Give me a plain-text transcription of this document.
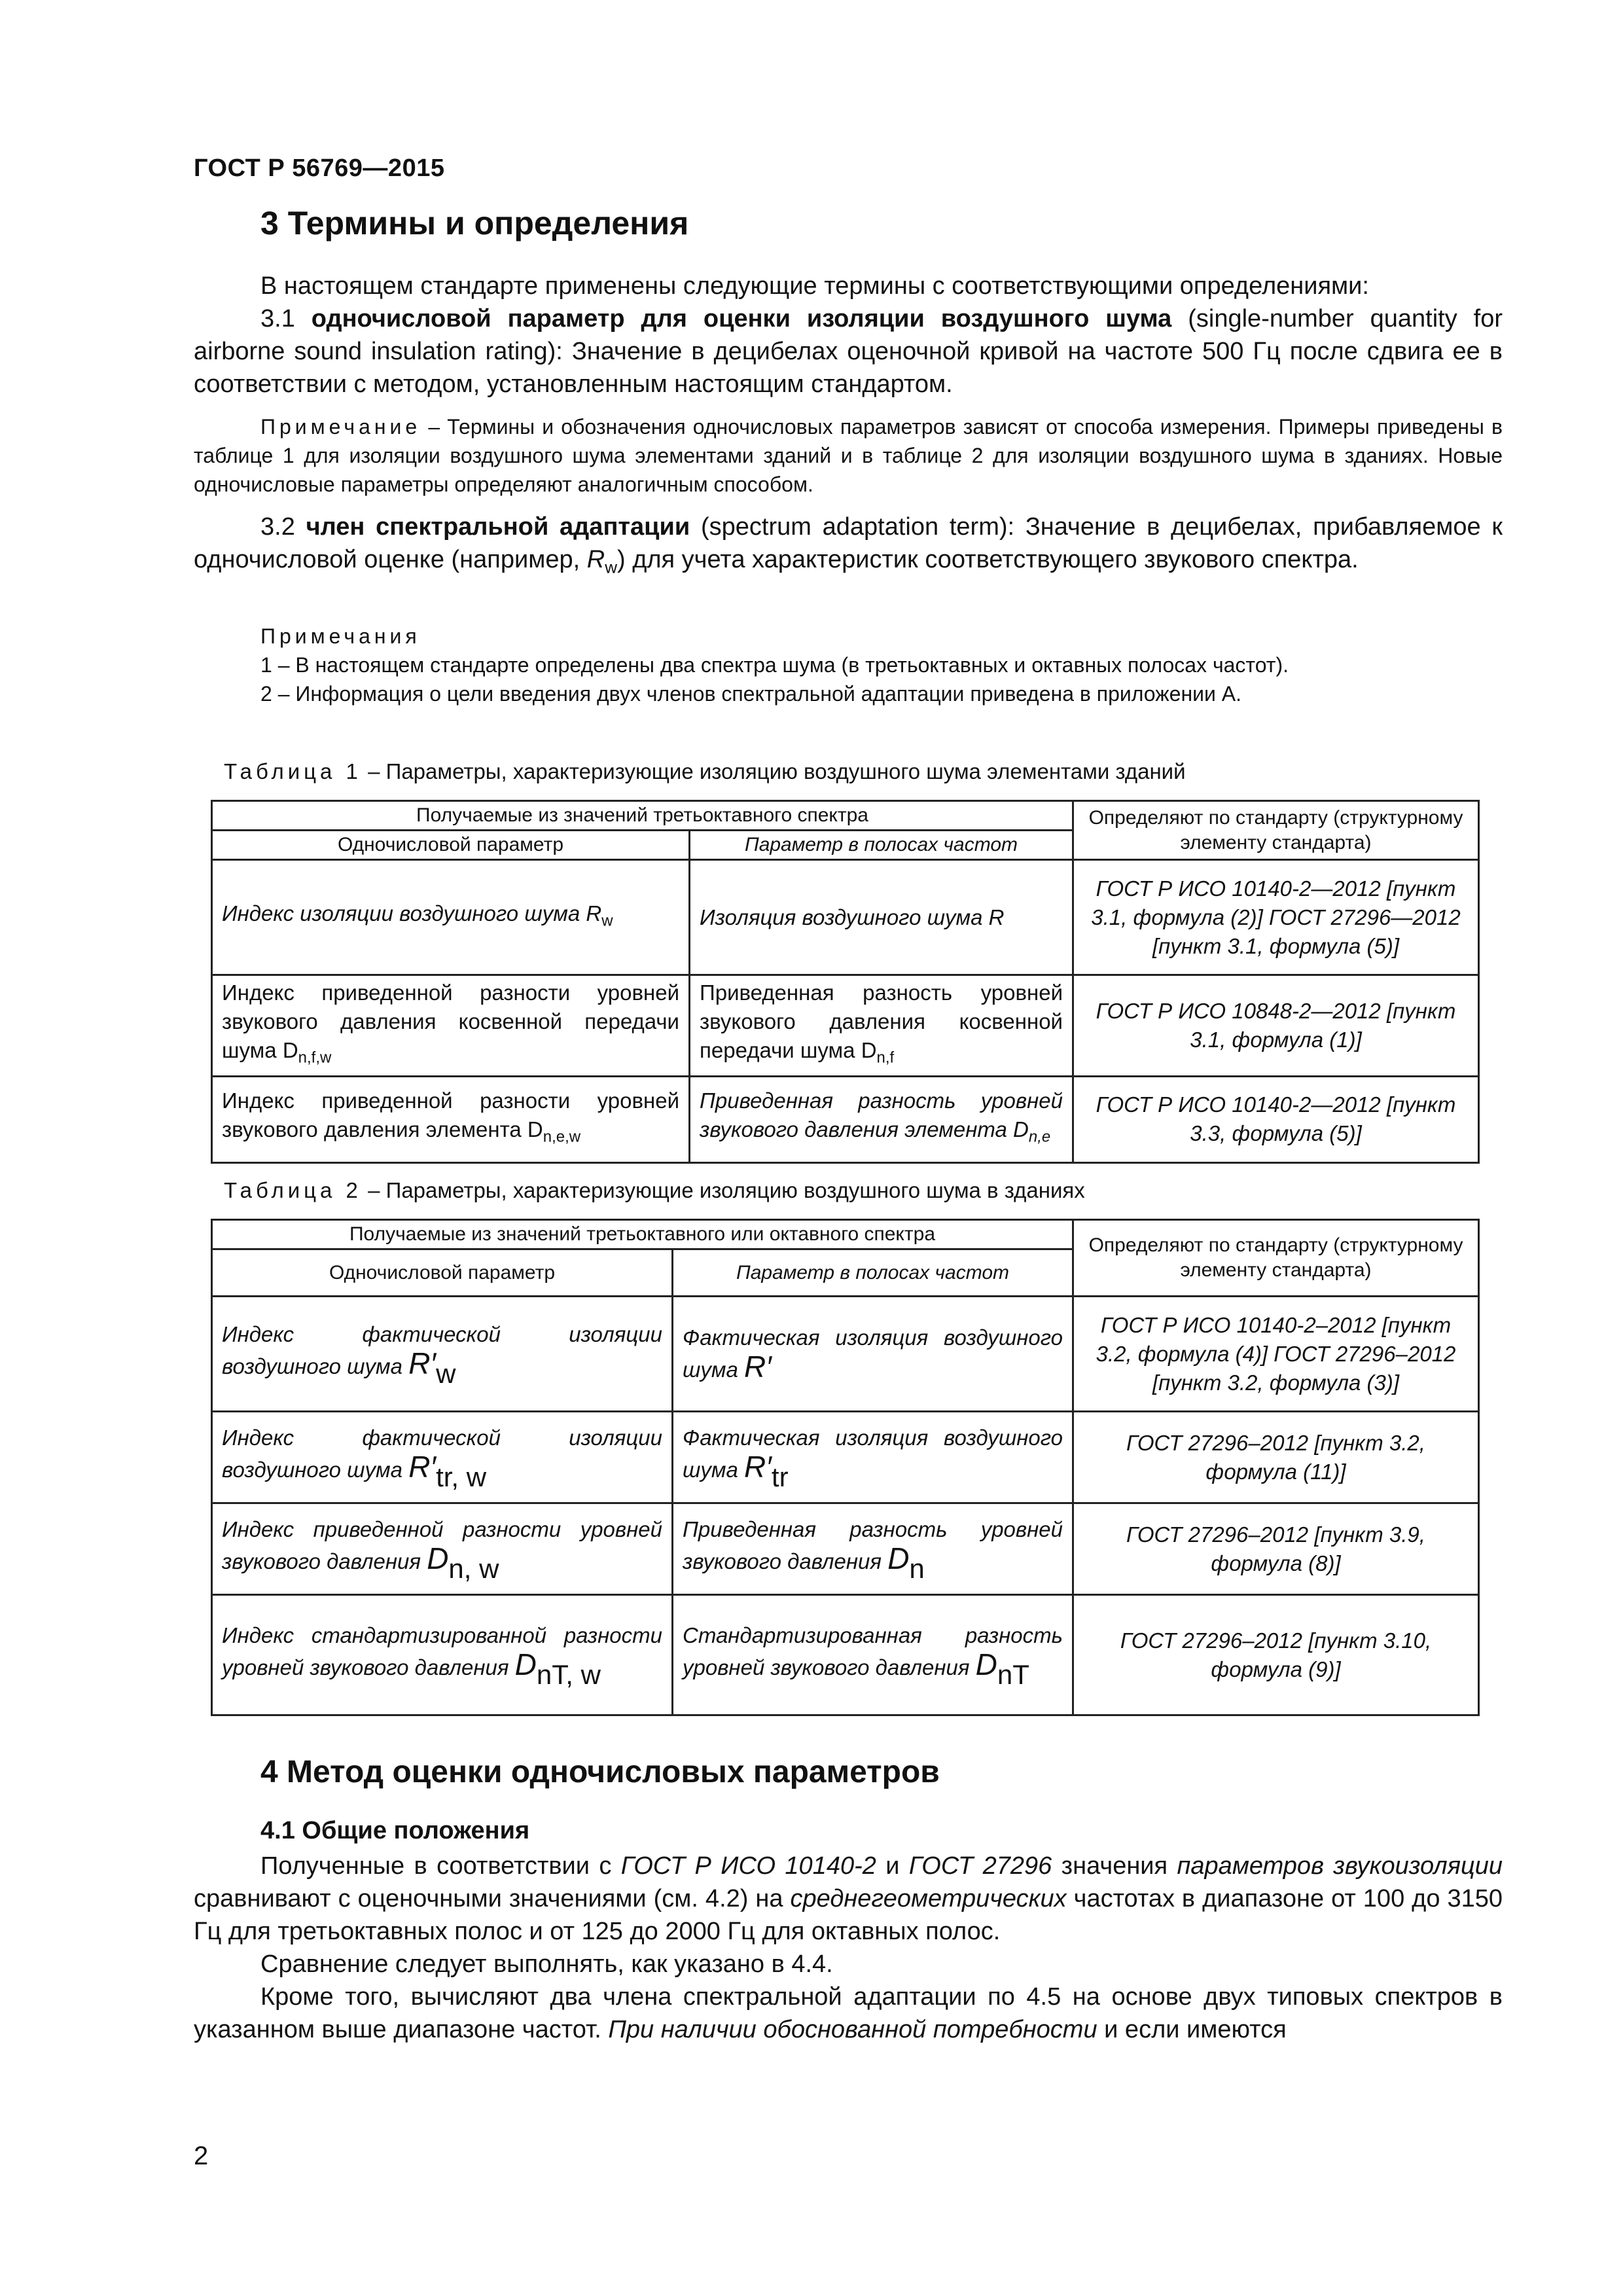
ГОСТ Р 56769—2015
3 Термины и определения
В настоящем стандарте применены следующие термины с соответствующими определениями:
3.1 одночисловой параметр для оценки изоляции воздушного шума (single-number quantity for airborne sound insulation rating): Значение в децибелах оценочной кривой на частоте 500 Гц после сдвига ее в соответствии с методом, установленным настоящим стандартом.
Примечание – Термины и обозначения одночисловых параметров зависят от способа измерения. Примеры приведены в таблице 1 для изоляции воздушного шума элементами зданий и в таблице 2 для изоляции воздушного шума в зданиях. Новые одночисловые параметры определяют аналогичным способом.
3.2 член спектральной адаптации (spectrum adaptation term): Значение в децибелах, прибавляемое к одночисловой оценке (например, $R_w$) для учета характеристик соответствующего звукового спектра.
Примечания
1 – В настоящем стандарте определены два спектра шума (в третьоктавных и октавных полосах частот).
2 – Информация о цели введения двух членов спектральной адаптации приведена в приложении А.
Таблица 1 – Параметры, характеризующие изоляцию воздушного шума элементами зданий
Получаемые из значений третьоктавного спектра		Определяют по стандарту (структурному элементу стандарта)
Одночисловой параметр	Параметр в полосах частот	
Индекс изоляции воздушного шума $R_w$	Изоляция воздушного шума R	ГОСТ Р ИСО 10140-2—2012 [пункт 3.1, формула (2)] ГОСТ 27296—2012 [пункт 3.1, формула (5)]
Индекс приведенной разности уровней звукового давления косвенной передачи шума $D_{n,f,w}$	Приведенная разность уровней звукового давления косвенной передачи шума $D_{n,f}$	ГОСТ Р ИСО 10848-2—2012 [пункт 3.1, формула (1)]
Индекс приведенной разности уровней звукового давления элемента $D_{n,e,w}$	Приведенная разность уровней звукового давления элемента $D_{n,e}$	ГОСТ Р ИСО 10140-2—2012 [пункт 3.3, формула (5)]
Таблица 2 – Параметры, характеризующие изоляцию воздушного шума в зданиях
Получаемые из значений третьоктавного или октавного спектра		Определяют по стандарту (структурному элементу стандарта)
Одночисловой параметр	Параметр в полосах частот	
Индекс фактической изоляции воздушного шума R′w	Фактическая изоляция воздушного шума R′	ГОСТ Р ИСО 10140-2–2012 [пункт 3.2, формула (4)] ГОСТ 27296–2012 [пункт 3.2, формула (3)]
Индекс фактической изоляции воздушного шума R′tr, w	Фактическая изоляция воздушного шума R′tr	ГОСТ 27296–2012 [пункт 3.2, формула (11)]
Индекс приведенной разности уровней звукового давления Dn, w	Приведенная разность уровней звукового давления Dn	ГОСТ 27296–2012 [пункт 3.9, формула (8)]
Индекс стандартизированной разности уровней звукового давления DnT, w	Стандартизированная разность уровней звукового давления DnT	ГОСТ 27296–2012 [пункт 3.10, формула (9)]
4 Метод оценки одночисловых параметров
4.1 Общие положения
Полученные в соответствии с ГОСТ Р ИСО 10140-2 и ГОСТ 27296 значения параметров звукоизоляции сравнивают с оценочными значениями (см. 4.2) на среднегеометрических частотах в диапазоне от 100 до 3150 Гц для третьоктавных полос и от 125 до 2000 Гц для октавных полос.
Сравнение следует выполнять, как указано в 4.4.
Кроме того, вычисляют два члена спектральной адаптации по 4.5 на основе двух типовых спектров в указанном выше диапазоне частот. При наличии обоснованной потребности и если имеются
2
